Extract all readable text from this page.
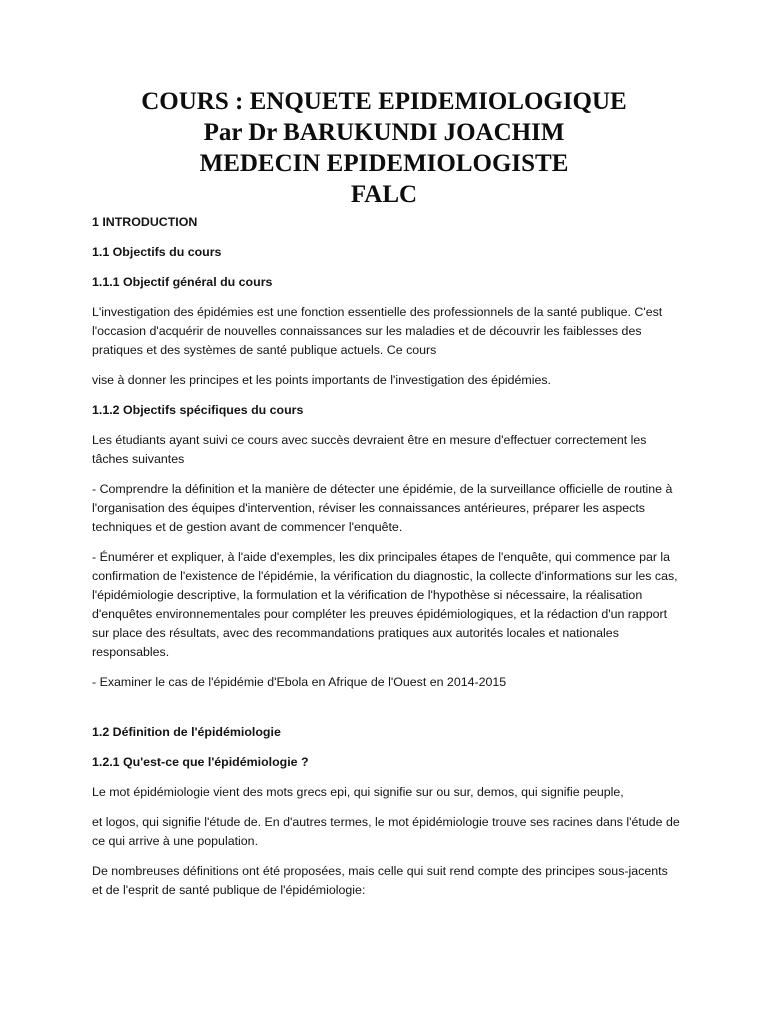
COURS : ENQUETE EPIDEMIOLOGIQUE
Par Dr BARUKUNDI JOACHIM
MEDECIN EPIDEMIOLOGISTE
FALC

1 INTRODUCTION

1.1 Objectifs du cours

1.1.1 Objectif général du cours

L'investigation des épidémies est une fonction essentielle des professionnels de la santé publique. C'est l'occasion d'acquérir de nouvelles connaissances sur les maladies et de découvrir les faiblesses des pratiques et des systèmes de santé publique actuels. Ce cours

vise à donner les principes et les points importants de l'investigation des épidémies.

1.1.2 Objectifs spécifiques du cours

Les étudiants ayant suivi ce cours avec succès devraient être en mesure d'effectuer correctement les tâches suivantes

- Comprendre la définition et la manière de détecter une épidémie, de la surveillance officielle de routine à l'organisation des équipes d'intervention, réviser les connaissances antérieures, préparer les aspects techniques et de gestion avant de commencer l'enquête.

- Énumérer et expliquer, à l'aide d'exemples, les dix principales étapes de l'enquête, qui commence par la confirmation de l'existence de l'épidémie, la vérification du diagnostic, la collecte d'informations sur les cas, l'épidémiologie descriptive, la formulation et la vérification de l'hypothèse si nécessaire, la réalisation d'enquêtes environnementales pour compléter les preuves épidémiologiques, et la rédaction d'un rapport sur place des résultats, avec des recommandations pratiques aux autorités locales et nationales responsables.

- Examiner le cas de l'épidémie d'Ebola en Afrique de l'Ouest en 2014-2015

1.2 Définition de l'épidémiologie

1.2.1 Qu'est-ce que l'épidémiologie ?

Le mot épidémiologie vient des mots grecs epi, qui signifie sur ou sur, demos, qui signifie peuple,

et logos, qui signifie l'étude de. En d'autres termes, le mot épidémiologie trouve ses racines dans l'étude de ce qui arrive à une population.

De nombreuses définitions ont été proposées, mais celle qui suit rend compte des principes sous-jacents et de l'esprit de santé publique de l'épidémiologie:
